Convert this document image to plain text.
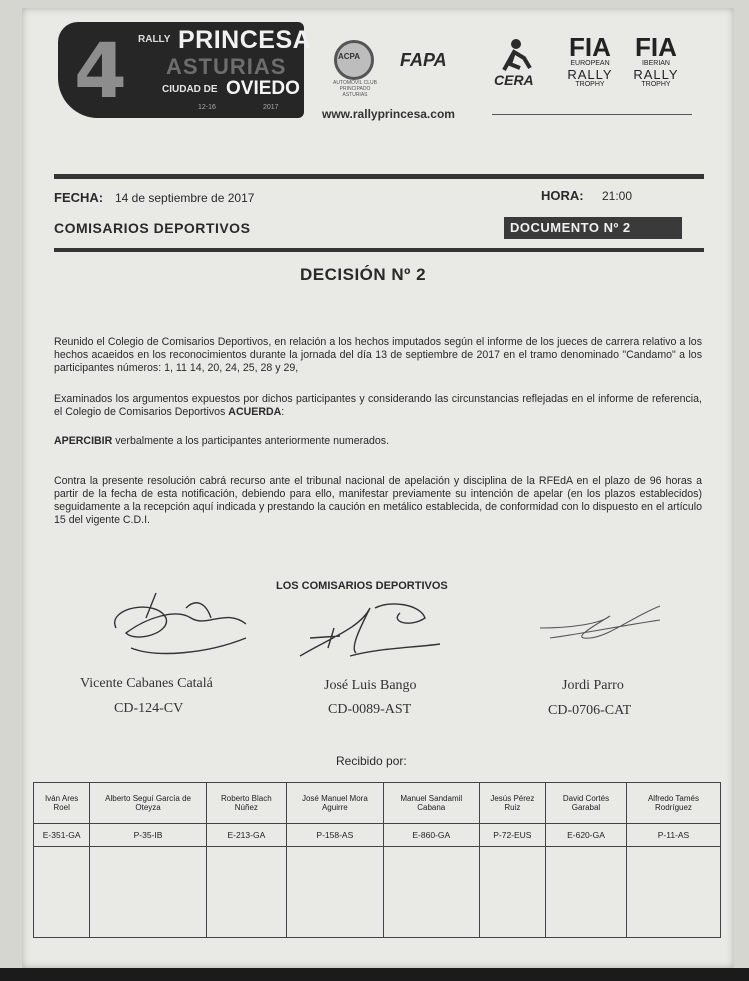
4 RALLY PRINCESA
ASTURIAS
CIUDAD DE OVIEDO
12-16	2017
ACPA
AUTOMOVIL CLUB PRINCIPADO ASTURIAS
FAPA
CERA
FIA
EUROPEAN
RALLY
TROPHY
FIA
IBERIAN
RALLY
TROPHY
www.rallyprincesa.com
FECHA: 14 de septiembre de 2017	HORA: 21:00
COMISARIOS DEPORTIVOS	DOCUMENTO Nº 2
DECISIÓN Nº 2
Reunido el Colegio de Comisarios Deportivos, en relación a los hechos imputados según el informe de los jueces de carrera relativo a los hechos acaeidos en los reconocimientos durante la jornada del día 13 de septiembre de 2017 en el tramo denominado "Candamo" a los participantes números: 1, 11 14, 20, 24, 25, 28 y 29,
Examinados los argumentos expuestos por dichos participantes y considerando las circunstancias reflejadas en el informe de referencia, el Colegio de Comisarios Deportivos ACUERDA:
APERCIBIR verbalmente a los participantes anteriormente numerados.
Contra la presente resolución cabrá recurso ante el tribunal nacional de apelación y disciplina de la RFEdA en el plazo de 96 horas a partir de la fecha de esta notificación, debiendo para ello, manifestar previamente su intención de apelar (en los plazos establecidos) seguidamente a la recepción aquí indicada y prestando la caución en metálico establecida, de conformidad con lo dispuesto en el artículo 15 del vigente C.D.I.
LOS COMISARIOS DEPORTIVOS
Vicente Cabanes Catalá
CD-124-CV
José Luis Bango
CD-0089-AST
Jordi Parro
CD-0706-CAT
Recibido por:
Iván Ares Roel	Alberto Seguí García de Oteyza	Roberto Blach Núñez	José Manuel Mora Aguirre	Manuel Sandamil Cabana	Jesús Pérez Ruiz	David Cortés Garabal	Alfredo Tamés Rodríguez
E-351-GA	P-35-IB	E-213-GA	P-158-AS	E-860-GA	P-72-EUS	E-620-GA	P-11-AS
